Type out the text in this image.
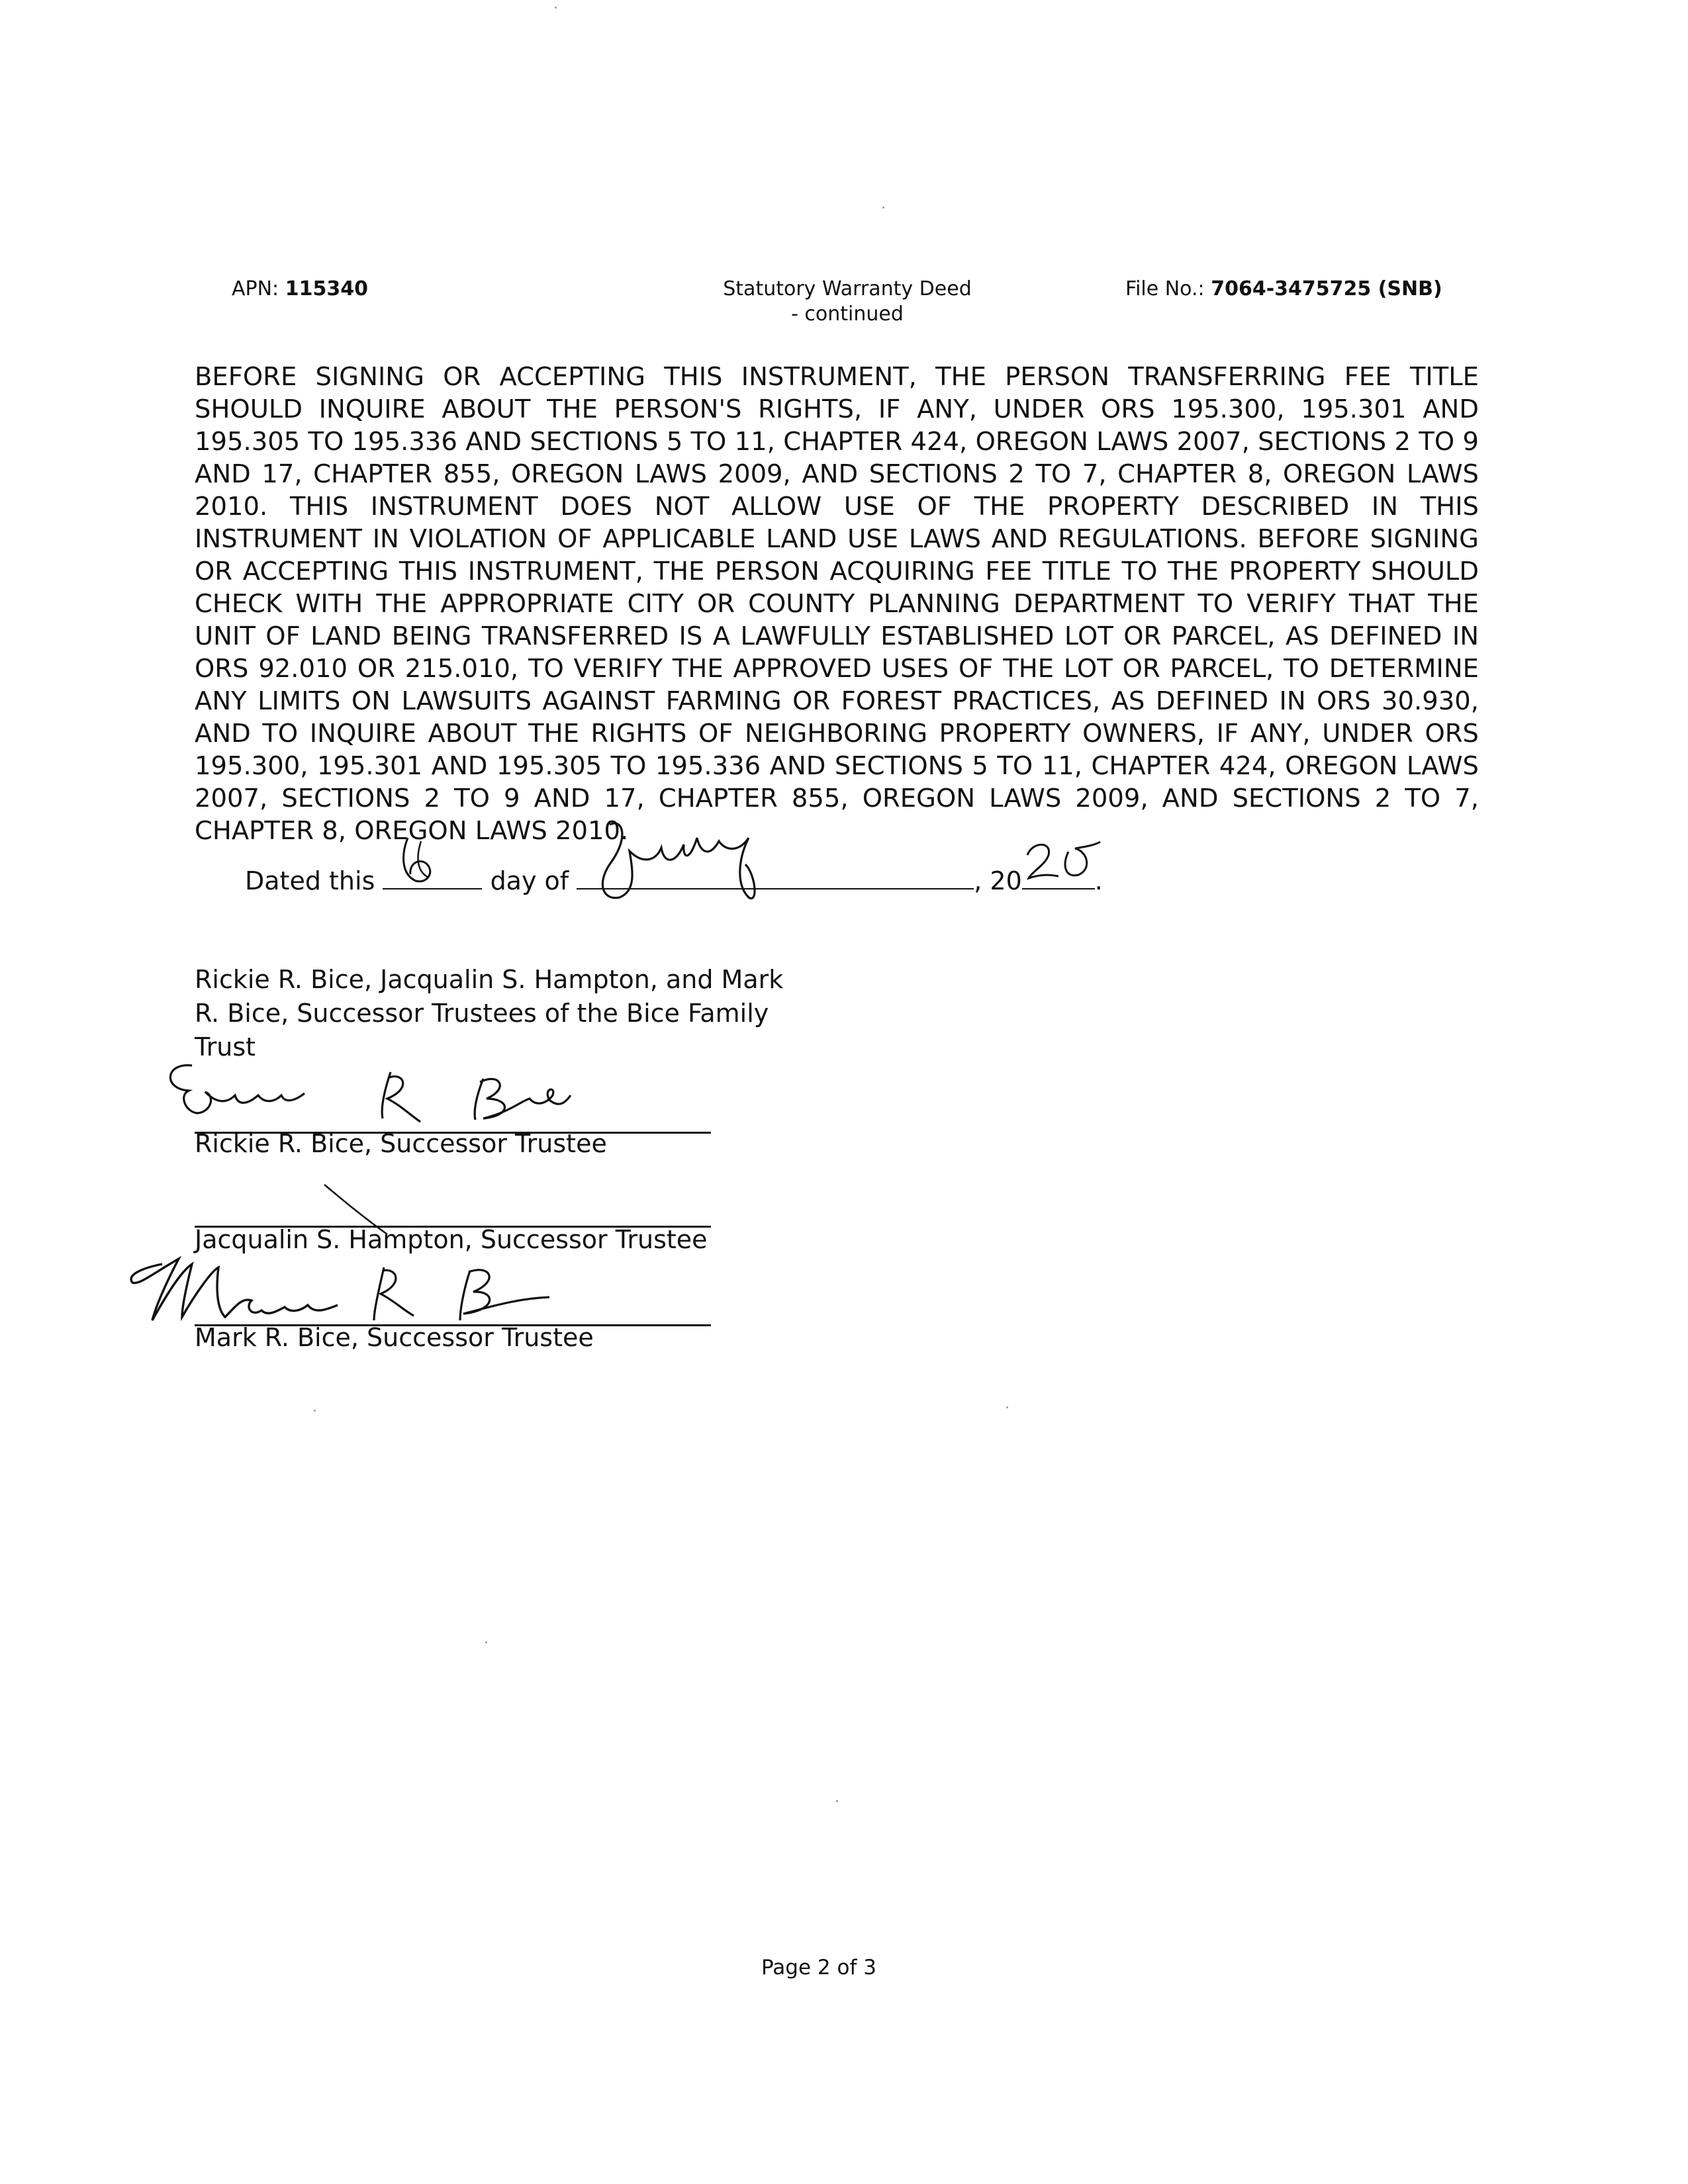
APN: 115340	Statutory Warranty Deed
- continued
File No.: 7064-3475725 (SNB)
BEFORE SIGNING OR ACCEPTING THIS INSTRUMENT, THE PERSON TRANSFERRING FEE TITLE SHOULD INQUIRE ABOUT THE PERSON'S RIGHTS, IF ANY, UNDER ORS 195.300, 195.301 AND 195.305 TO 195.336 AND SECTIONS 5 TO 11, CHAPTER 424, OREGON LAWS 2007, SECTIONS 2 TO 9 AND 17, CHAPTER 855, OREGON LAWS 2009, AND SECTIONS 2 TO 7, CHAPTER 8, OREGON LAWS 2010. THIS INSTRUMENT DOES NOT ALLOW USE OF THE PROPERTY DESCRIBED IN THIS INSTRUMENT IN VIOLATION OF APPLICABLE LAND USE LAWS AND REGULATIONS. BEFORE SIGNING OR ACCEPTING THIS INSTRUMENT, THE PERSON ACQUIRING FEE TITLE TO THE PROPERTY SHOULD CHECK WITH THE APPROPRIATE CITY OR COUNTY PLANNING DEPARTMENT TO VERIFY THAT THE UNIT OF LAND BEING TRANSFERRED IS A LAWFULLY ESTABLISHED LOT OR PARCEL, AS DEFINED IN ORS 92.010 OR 215.010, TO VERIFY THE APPROVED USES OF THE LOT OR PARCEL, TO DETERMINE ANY LIMITS ON LAWSUITS AGAINST FARMING OR FOREST PRACTICES, AS DEFINED IN ORS 30.930, AND TO INQUIRE ABOUT THE RIGHTS OF NEIGHBORING PROPERTY OWNERS, IF ANY, UNDER ORS 195.300, 195.301 AND 195.305 TO 195.336 AND SECTIONS 5 TO 11, CHAPTER 424, OREGON LAWS 2007, SECTIONS 2 TO 9 AND 17, CHAPTER 855, OREGON LAWS 2009, AND SECTIONS 2 TO 7, CHAPTER 8, OREGON LAWS 2010.
Dated this	day of	, 20	.
Rickie R. Bice, Jacqualin S. Hampton, and Mark R. Bice, Successor Trustees of the Bice Family Trust
Rickie R. Bice, Successor Trustee
Jacqualin S. Hampton, Successor Trustee
Mark R. Bice, Successor Trustee
Page 2 of 3
